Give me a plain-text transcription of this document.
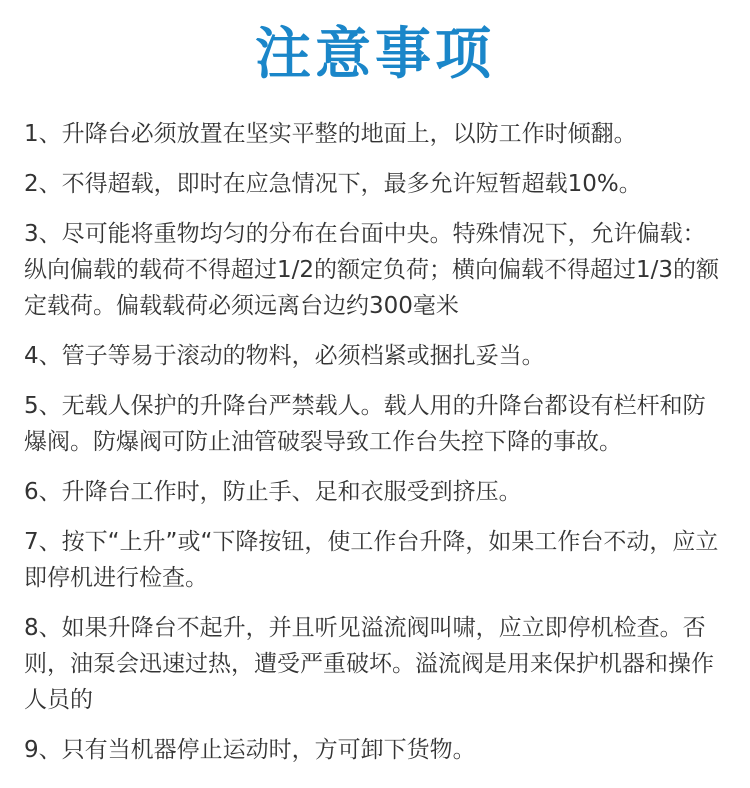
注意事项
1、升降台必须放置在坚实平整的地面上，以防工作时倾翻。
2、不得超载，即时在应急情况下，最多允许短暂超载10%。
3、尽可能将重物均匀的分布在台面中央。特殊情况下，允许偏载：纵向偏载的载荷不得超过1/2的额定负荷；横向偏载不得超过1/3的额定载荷。偏载载荷必须远离台边约300毫米
4、管子等易于滚动的物料，必须档紧或捆扎妥当。
5、无载人保护的升降台严禁载人。载人用的升降台都设有栏杆和防爆阀。防爆阀可防止油管破裂导致工作台失控下降的事故。
6、升降台工作时，防止手、足和衣服受到挤压。
7、按下“上升”或“下降按钮，使工作台升降，如果工作台不动，应立即停机进行检查。
8、如果升降台不起升，并且听见溢流阀叫啸，应立即停机检查。否则，油泵会迅速过热，遭受严重破坏。溢流阀是用来保护机器和操作人员的
9、只有当机器停止运动时，方可卸下货物。
